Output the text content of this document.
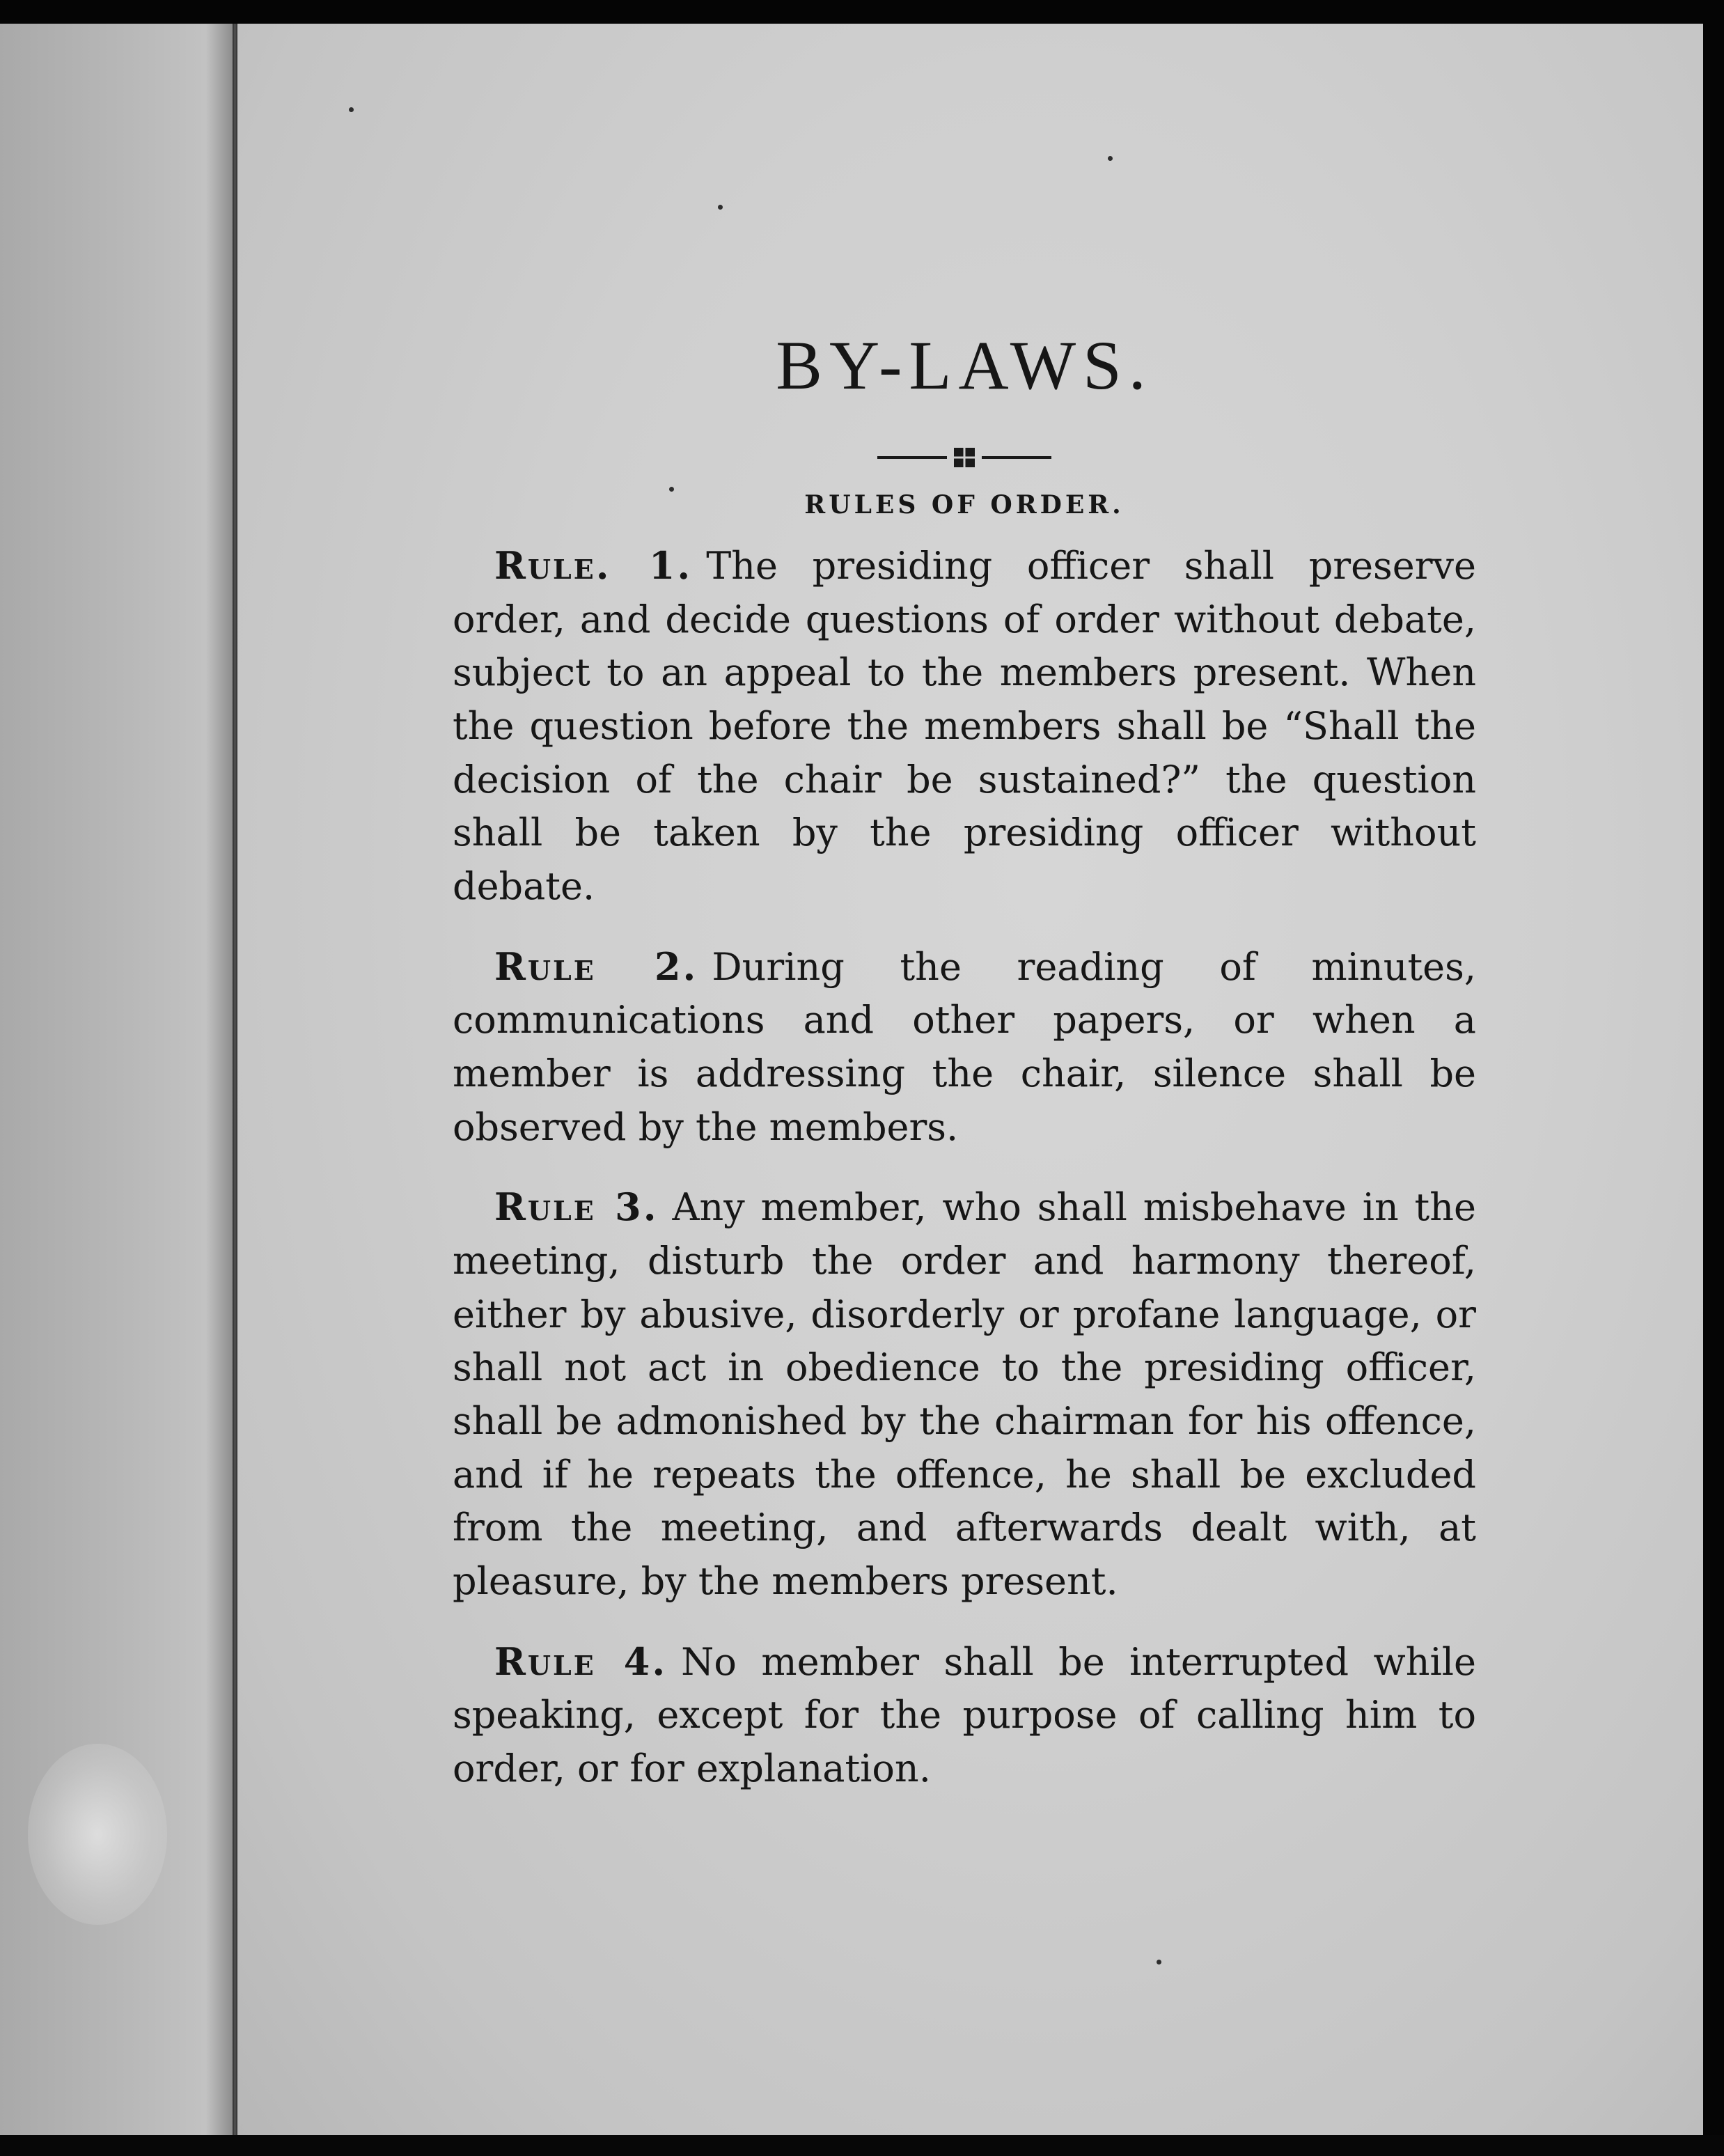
BY-LAWS.
RULES OF ORDER.

Rule. 1. The presiding officer shall preserve order, and decide questions of order without debate, subject to an appeal to the members present. When the question before the members shall be “Shall the decision of the chair be sustained?” the question shall be taken by the presiding officer without debate.

Rule 2. During the reading of minutes, communications and other papers, or when a member is addressing the chair, silence shall be observed by the members.

Rule 3. Any member, who shall misbehave in the meeting, disturb the order and harmony thereof, either by abusive, disorderly or profane language, or shall not act in obedience to the presiding officer, shall be admonished by the chairman for his offence, and if he repeats the offence, he shall be excluded from the meeting, and afterwards dealt with, at pleasure, by the members present.

Rule 4. No member shall be interrupted while speaking, except for the purpose of calling him to order, or for explanation.
